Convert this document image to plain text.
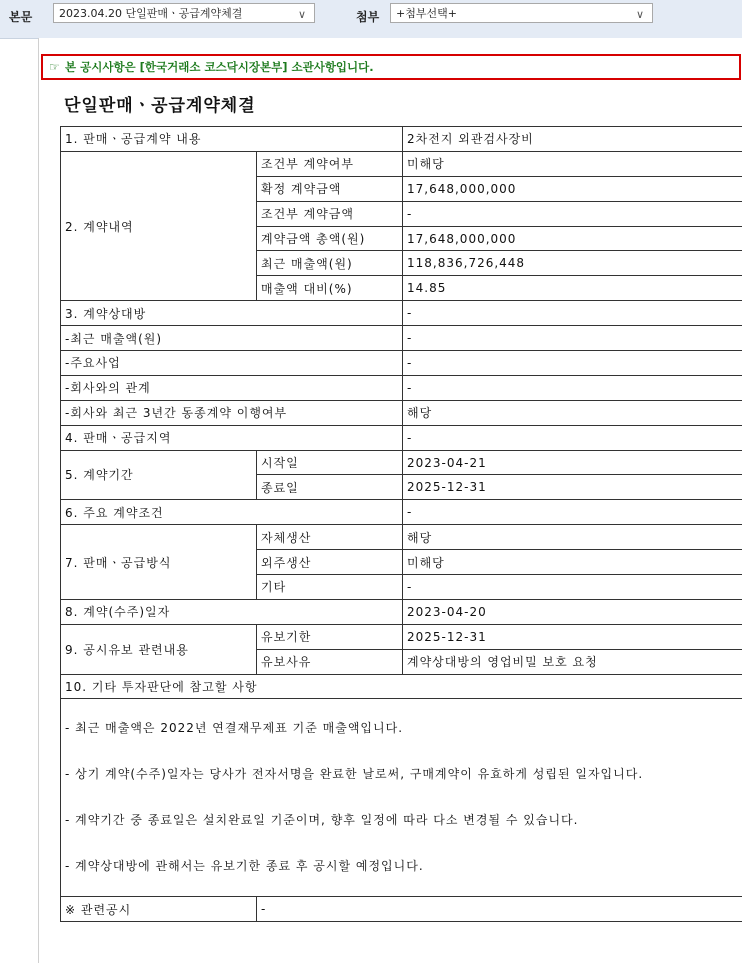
본문	2023.04.20 단일판매ㆍ공급계약체결	∨	첨부	+첨부선택+	∨
☞ 본 공시사항은 [한국거래소 코스닥시장본부] 소관사항입니다.
단일판매ㆍ공급계약체결
1. 판매ㆍ공급계약 내용		2차전지 외관검사장비
2. 계약내역	조건부 계약여부	미해당
	확정 계약금액	17,648,000,000
	조건부 계약금액	-
	계약금액 총액(원)	17,648,000,000
	최근 매출액(원)	118,836,726,448
	매출액 대비(%)	14.85
3. 계약상대방		-
-최근 매출액(원)		-
-주요사업		-
-회사와의 관계		-
-회사와 최근 3년간 동종계약 이행여부		해당
4. 판매ㆍ공급지역		-
5. 계약기간	시작일	2023-04-21
	종료일	2025-12-31
6. 주요 계약조건		-
7. 판매ㆍ공급방식	자체생산	해당
	외주생산	미해당
	기타	-
8. 계약(수주)일자		2023-04-20
9. 공시유보 관련내용	유보기한	2025-12-31
	유보사유	계약상대방의 영업비밀 보호 요청
10. 기타 투자판단에 참고할 사항		

- 최근 매출액은 2022년 연결재무제표 기준 매출액입니다.

- 상기 계약(수주)일자는 당사가 전자서명을 완료한 날로써, 구매계약이 유효하게 성립된 일자입니다.

- 계약기간 중 종료일은 설치완료일 기준이며, 향후 일정에 따라 다소 변경될 수 있습니다.

- 계약상대방에 관해서는 유보기한 종료 후 공시할 예정입니다.		

※ 관련공시	-	
